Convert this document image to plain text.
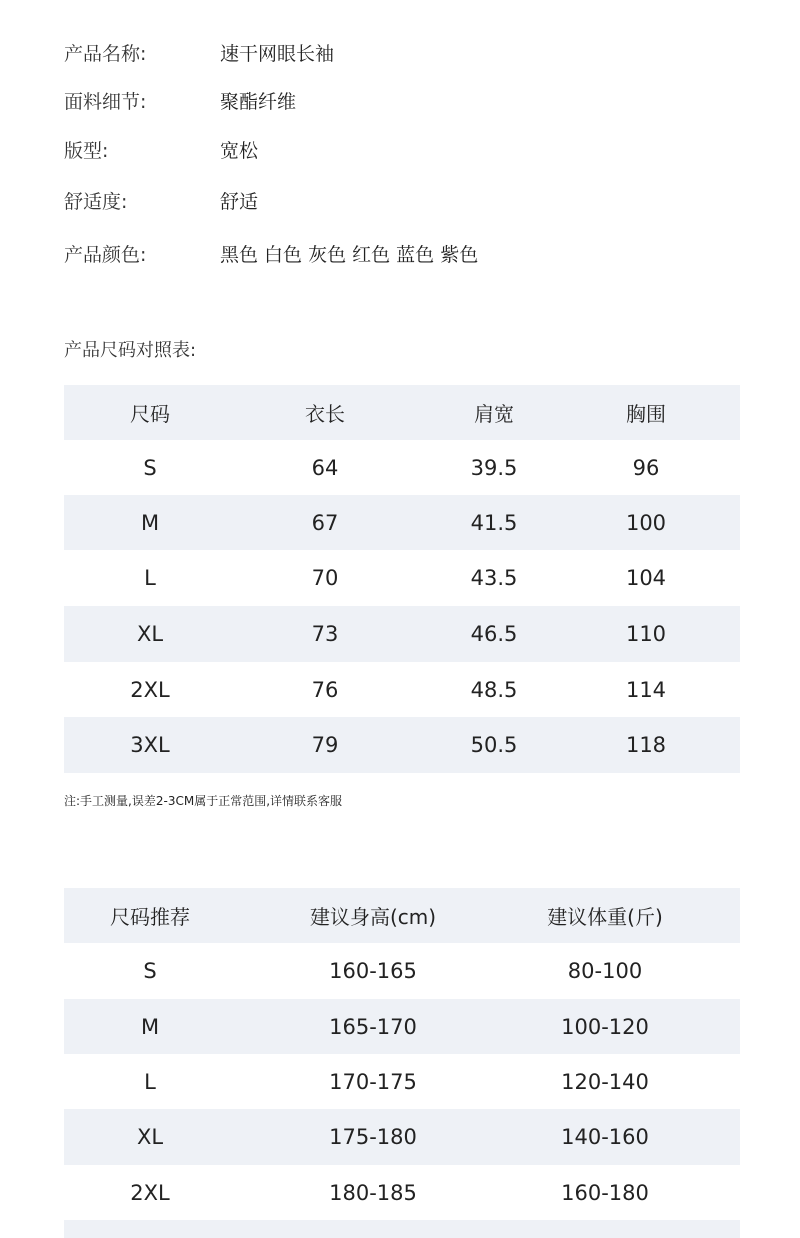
产品名称:	速干网眼长袖
面料细节:	聚酯纤维
版型:	宽松
舒适度:	舒适
产品颜色:	黑色 白色 灰色 红色 蓝色 紫色
产品尺码对照表:
尺码	衣长	肩宽	胸围
S	64	39.5	96
M	67	41.5	100
L	70	43.5	104
XL	73	46.5	110
2XL	76	48.5	114
3XL	79	50.5	118
注:手工测量,误差2-3CM属于正常范围,详情联系客服
尺码推荐	建议身高(cm)	建议体重(斤)
S	160-165	80-100
M	165-170	100-120
L	170-175	120-140
XL	175-180	140-160
2XL	180-185	160-180
